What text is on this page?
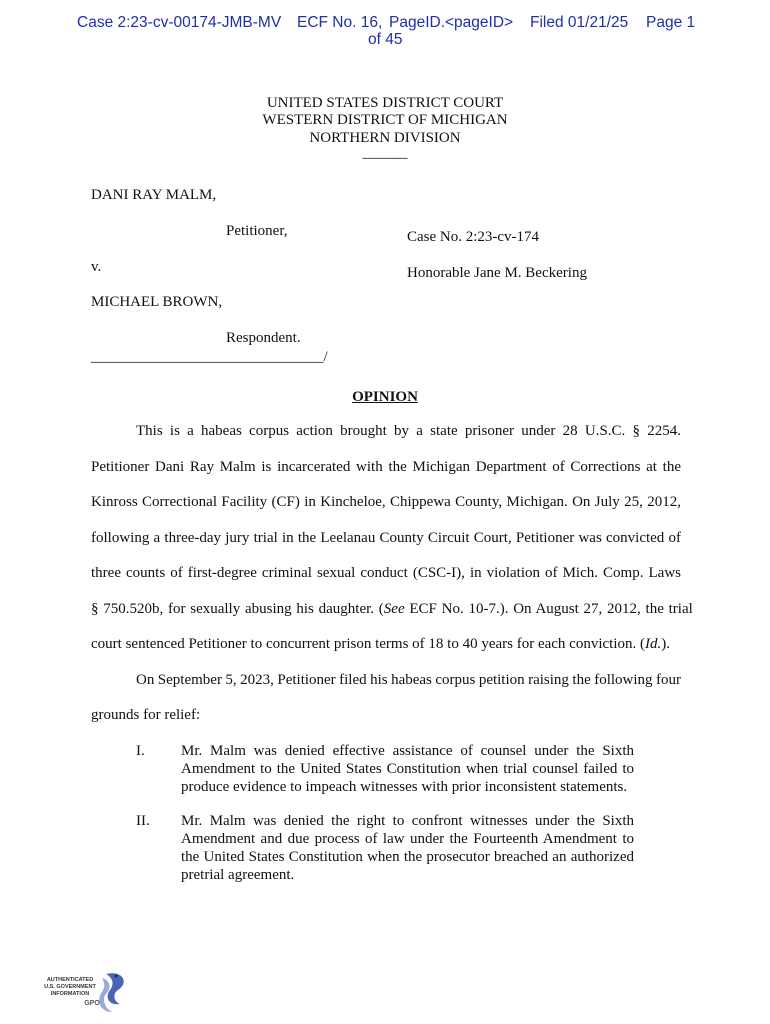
Case 2:23-cv-00174-JMB-MV ECF No. 16, PageID.<pageID> Filed 01/21/25 Page 1
of 45
UNITED STATES DISTRICT COURT
WESTERN DISTRICT OF MICHIGAN
NORTHERN DIVISION
______
DANI RAY MALM,
Petitioner,	Case No. 2:23-cv-174
v.	Honorable Jane M. Beckering
MICHAEL BROWN,
Respondent.
_______________________________/
OPINION
This is a habeas corpus action brought by a state prisoner under 28 U.S.C. § 2254.
Petitioner Dani Ray Malm is incarcerated with the Michigan Department of Corrections at the
Kinross Correctional Facility (CF) in Kincheloe, Chippewa County, Michigan. On July 25, 2012,
following a three-day jury trial in the Leelanau County Circuit Court, Petitioner was convicted of
three counts of first-degree criminal sexual conduct (CSC-I), in violation of Mich. Comp. Laws
§ 750.520b, for sexually abusing his daughter. (See ECF No. 10-7.). On August 27, 2012, the trial
court sentenced Petitioner to concurrent prison terms of 18 to 40 years for each conviction. (Id.).
On September 5, 2023, Petitioner filed his habeas corpus petition raising the following four
grounds for relief:
I. Mr. Malm was denied effective assistance of counsel under the Sixth
Amendment to the United States Constitution when trial counsel failed to
produce evidence to impeach witnesses with prior inconsistent statements.
II. Mr. Malm was denied the right to confront witnesses under the Sixth
Amendment and due process of law under the Fourteenth Amendment to
the United States Constitution when the prosecutor breached an authorized
pretrial agreement.
AUTHENTICATED
U.S. GOVERNMENT
INFORMATION
GPO
